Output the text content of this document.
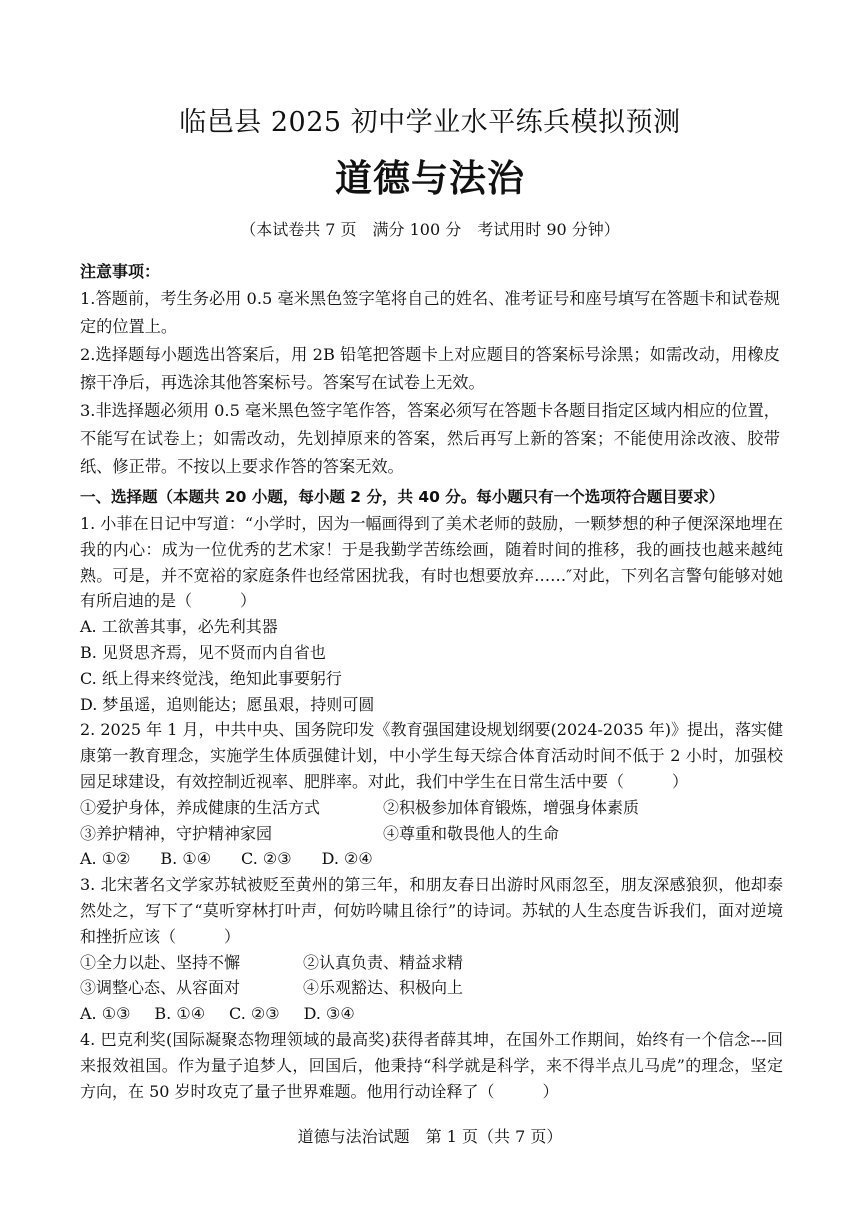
临邑县 2025 初中学业水平练兵模拟预测
道德与法治
（本试卷共 7 页　满分 100 分　考试用时 90 分钟）
注意事项：

1.答题前，考生务必用 0.5 毫米黑色签字笔将自己的姓名、准考证号和座号填写在答题卡和试卷规定的位置上。

2.选择题每小题选出答案后，用 2B 铅笔把答题卡上对应题目的答案标号涂黑；如需改动，用橡皮擦干净后，再选涂其他答案标号。答案写在试卷上无效。

3.非选择题必须用 0.5 毫米黑色签字笔作答，答案必须写在答题卡各题目指定区域内相应的位置，不能写在试卷上；如需改动，先划掉原来的答案，然后再写上新的答案；不能使用涂改液、胶带纸、修正带。不按以上要求作答的答案无效。

一、选择题（本题共 20 小题，每小题 2 分，共 40 分。每小题只有一个选项符合题目要求）

1. 小菲在日记中写道：“小学时，因为一幅画得到了美术老师的鼓励，一颗梦想的种子便深深地埋在我的内心：成为一位优秀的艺术家！于是我勤学苦练绘画，随着时间的推移，我的画技也越来越纯熟。可是，并不宽裕的家庭条件也经常困扰我，有时也想要放弃……″对此，下列名言警句能够对她有所启迪的是（　　　）

A. 工欲善其事，必先利其器

B. 见贤思齐焉，见不贤而内自省也

C. 纸上得来终觉浅，绝知此事要躬行

D. 梦虽遥，追则能达；愿虽艰，持则可圆

2. 2025 年 1 月，中共中央、国务院印发《教育强国建设规划纲要(2024-2035 年)》提出，落实健康第一教育理念，实施学生体质强健计划，中小学生每天综合体育活动时间不低于 2 小时，加强校园足球建设，有效控制近视率、肥胖率。对此，我们中学生在日常生活中要（　　　）

①爱护身体，养成健康的生活方式	②积极参加体育锻炼，增强身体素质
③养护精神，守护精神家园	④尊重和敬畏他人的生命
A. ①② B. ①④ C. ②③ D. ②④

3. 北宋著名文学家苏轼被贬至黄州的第三年，和朋友春日出游时风雨忽至，朋友深感狼狈，他却泰然处之，写下了“莫听穿林打叶声，何妨吟啸且徐行”的诗词。苏轼的人生态度告诉我们，面对逆境和挫折应该（　　　）

①全力以赴、坚持不懈	②认真负责、精益求精
③调整心态、从容面对	④乐观豁达、积极向上
A. ①③ B. ①④ C. ②③ D. ③④

4. 巴克利奖(国际凝聚态物理领域的最高奖)获得者薛其坤，在国外工作期间，始终有一个信念---回来报效祖国。作为量子追梦人，回国后，他秉持“科学就是科学，来不得半点儿马虎”的理念，坚定方向，在 50 岁时攻克了量子世界难题。他用行动诠释了（　　　）

道德与法治试题　第 1 页（共 7 页）
